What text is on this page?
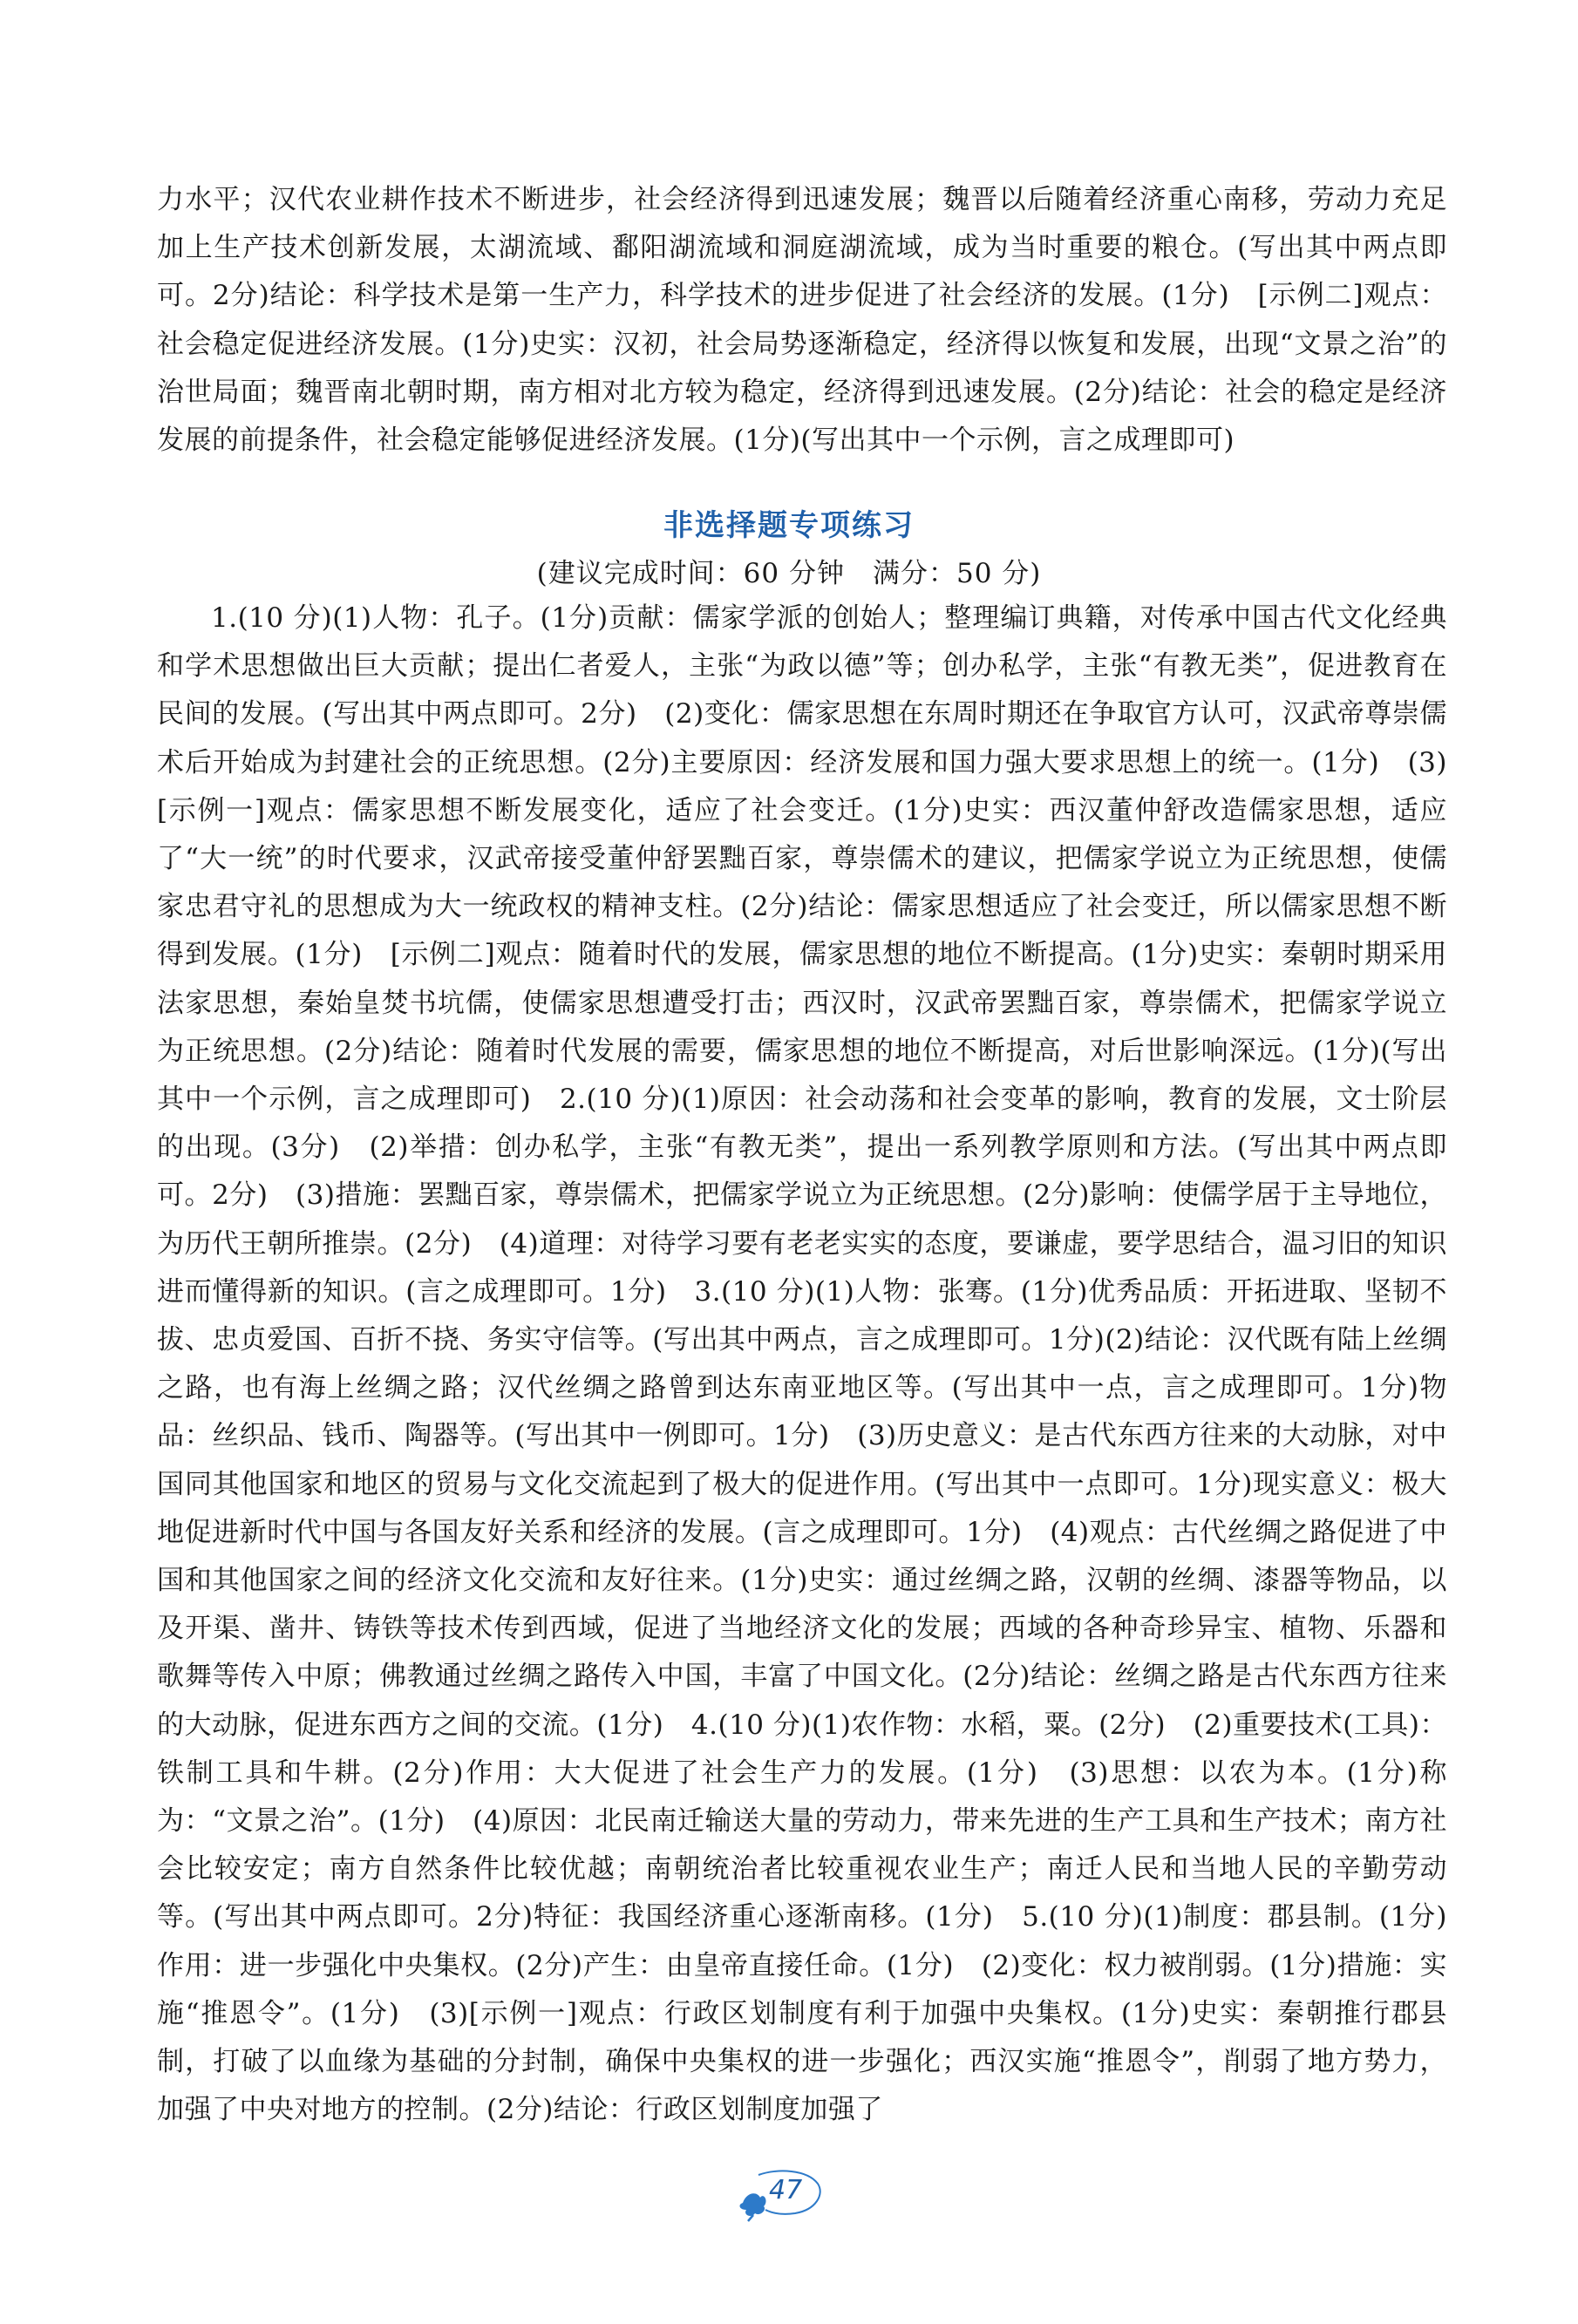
力水平；汉代农业耕作技术不断进步，社会经济得到迅速发展；魏晋以后随着经济重心南移，劳动力充足加上生产技术创新发展，太湖流域、鄱阳湖流域和洞庭湖流域，成为当时重要的粮仓。(写出其中两点即可。2分)结论：科学技术是第一生产力，科学技术的进步促进了社会经济的发展。(1分)　[示例二]观点：社会稳定促进经济发展。(1分)史实：汉初，社会局势逐渐稳定，经济得以恢复和发展，出现“文景之治”的治世局面；魏晋南北朝时期，南方相对北方较为稳定，经济得到迅速发展。(2分)结论：社会的稳定是经济发展的前提条件，社会稳定能够促进经济发展。(1分)(写出其中一个示例，言之成理即可)

非选择题专项练习
(建议完成时间：60 分钟　满分：50 分)

1.(10 分)(1)人物：孔子。(1分)贡献：儒家学派的创始人；整理编订典籍，对传承中国古代文化经典和学术思想做出巨大贡献；提出仁者爱人，主张“为政以德”等；创办私学，主张“有教无类”，促进教育在民间的发展。(写出其中两点即可。2分)　(2)变化：儒家思想在东周时期还在争取官方认可，汉武帝尊崇儒术后开始成为封建社会的正统思想。(2分)主要原因：经济发展和国力强大要求思想上的统一。(1分)　(3)[示例一]观点：儒家思想不断发展变化，适应了社会变迁。(1分)史实：西汉董仲舒改造儒家思想，适应了“大一统”的时代要求，汉武帝接受董仲舒罢黜百家，尊崇儒术的建议，把儒家学说立为正统思想，使儒家忠君守礼的思想成为大一统政权的精神支柱。(2分)结论：儒家思想适应了社会变迁，所以儒家思想不断得到发展。(1分)　[示例二]观点：随着时代的发展，儒家思想的地位不断提高。(1分)史实：秦朝时期采用法家思想，秦始皇焚书坑儒，使儒家思想遭受打击；西汉时，汉武帝罢黜百家，尊崇儒术，把儒家学说立为正统思想。(2分)结论：随着时代发展的需要，儒家思想的地位不断提高，对后世影响深远。(1分)(写出其中一个示例，言之成理即可)　2.(10 分)(1)原因：社会动荡和社会变革的影响，教育的发展，文士阶层的出现。(3分)　(2)举措：创办私学，主张“有教无类”，提出一系列教学原则和方法。(写出其中两点即可。2分)　(3)措施：罢黜百家，尊崇儒术，把儒家学说立为正统思想。(2分)影响：使儒学居于主导地位，为历代王朝所推崇。(2分)　(4)道理：对待学习要有老老实实的态度，要谦虚，要学思结合，温习旧的知识进而懂得新的知识。(言之成理即可。1分)　3.(10 分)(1)人物：张骞。(1分)优秀品质：开拓进取、坚韧不拔、忠贞爱国、百折不挠、务实守信等。(写出其中两点，言之成理即可。1分)(2)结论：汉代既有陆上丝绸之路，也有海上丝绸之路；汉代丝绸之路曾到达东南亚地区等。(写出其中一点，言之成理即可。1分)物品：丝织品、钱币、陶器等。(写出其中一例即可。1分)　(3)历史意义：是古代东西方往来的大动脉，对中国同其他国家和地区的贸易与文化交流起到了极大的促进作用。(写出其中一点即可。1分)现实意义：极大地促进新时代中国与各国友好关系和经济的发展。(言之成理即可。1分)　(4)观点：古代丝绸之路促进了中国和其他国家之间的经济文化交流和友好往来。(1分)史实：通过丝绸之路，汉朝的丝绸、漆器等物品，以及开渠、凿井、铸铁等技术传到西域，促进了当地经济文化的发展；西域的各种奇珍异宝、植物、乐器和歌舞等传入中原；佛教通过丝绸之路传入中国，丰富了中国文化。(2分)结论：丝绸之路是古代东西方往来的大动脉，促进东西方之间的交流。(1分)　4.(10 分)(1)农作物：水稻，粟。(2分)　(2)重要技术(工具)：铁制工具和牛耕。(2分)作用：大大促进了社会生产力的发展。(1分)　(3)思想：以农为本。(1分)称为：“文景之治”。(1分)　(4)原因：北民南迁输送大量的劳动力，带来先进的生产工具和生产技术；南方社会比较安定；南方自然条件比较优越；南朝统治者比较重视农业生产；南迁人民和当地人民的辛勤劳动等。(写出其中两点即可。2分)特征：我国经济重心逐渐南移。(1分)　5.(10 分)(1)制度：郡县制。(1分)作用：进一步强化中央集权。(2分)产生：由皇帝直接任命。(1分)　(2)变化：权力被削弱。(1分)措施：实施“推恩令”。(1分)　(3)[示例一]观点：行政区划制度有利于加强中央集权。(1分)史实：秦朝推行郡县制，打破了以血缘为基础的分封制，确保中央集权的进一步强化；西汉实施“推恩令”，削弱了地方势力，加强了中央对地方的控制。(2分)结论：行政区划制度加强了

47
